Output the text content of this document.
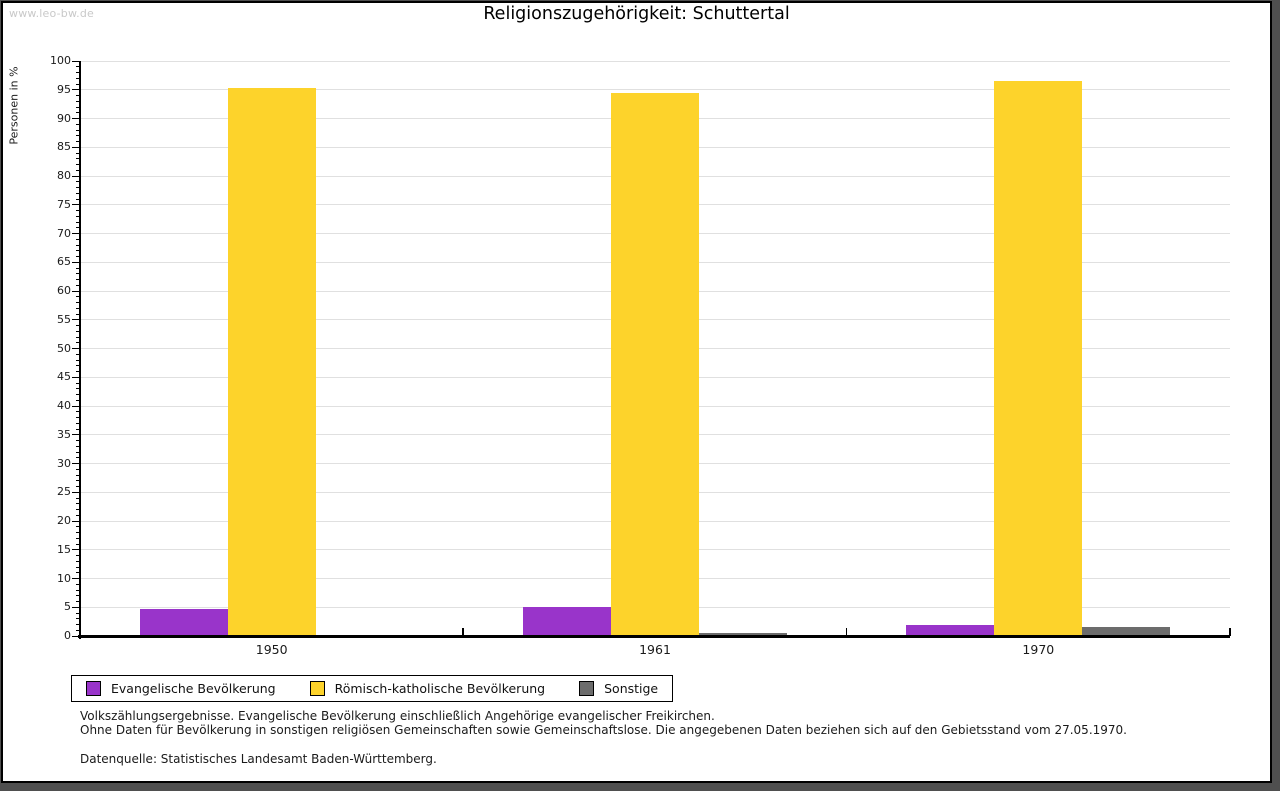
www.leo-bw.de	Religionszugehörigkeit: Schuttertal
Personen in %
0
5
10
15
20
25
30
35
40
45
50
55
60
65
70
75
80
85
90
95
100
1950	1961	1970
Evangelische Bevölkerung	Römisch-katholische Bevölkerung	Sonstige
Volkszählungsergebnisse. Evangelische Bevölkerung einschließlich Angehörige evangelischer Freikirchen.
Ohne Daten für Bevölkerung in sonstigen religiösen Gemeinschaften sowie Gemeinschaftslose. Die angegebenen Daten beziehen sich auf den Gebietsstand vom 27.05.1970.
Datenquelle: Statistisches Landesamt Baden-Württemberg.
